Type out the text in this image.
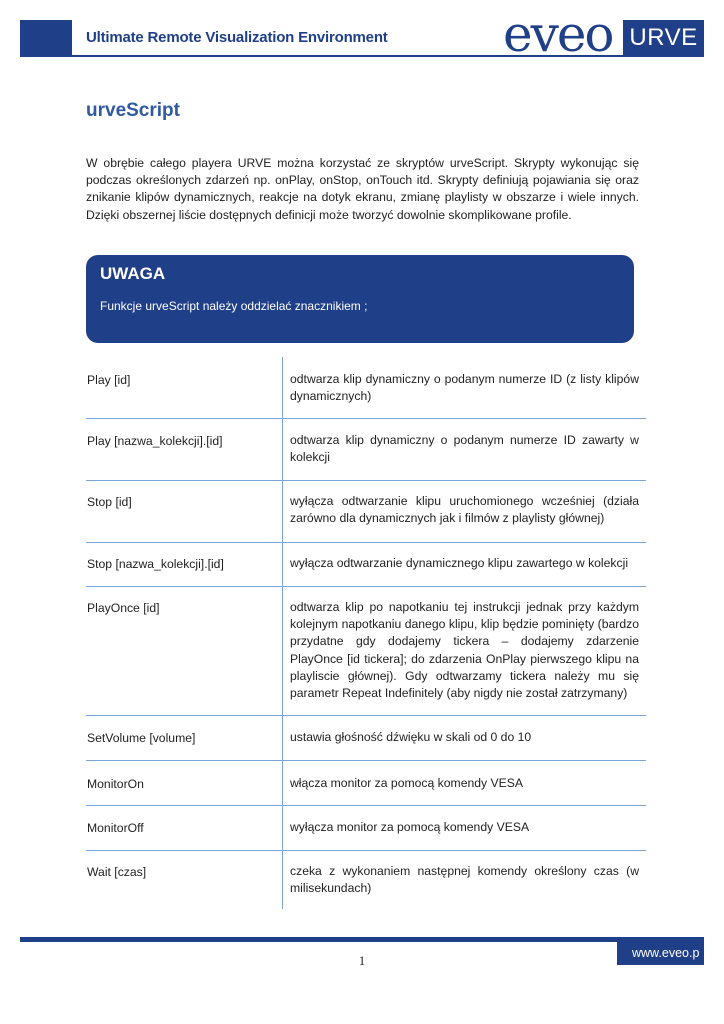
Ultimate Remote Visualization Environment eveo URVE
urveScript

W obrębie całego playera URVE można korzystać ze skryptów urveScript. Skrypty wykonując się podczas określonych zdarzeń np. onPlay, onStop, onTouch itd. Skrypty definiują pojawiania się oraz znikanie klipów dynamicznych, reakcje na dotyk ekranu, zmianę playlisty w obszarze i wiele innych. Dzięki obszernej liście dostępnych definicji może tworzyć dowolnie skomplikowane profile.

UWAGA
Funkcje urveScript należy oddzielać znacznikiem ;
Play [id]	odtwarza klip dynamiczny o podanym numerze ID (z listy klipów dynamicznych)
Play [nazwa_kolekcji].[id]	odtwarza klip dynamiczny o podanym numerze ID zawarty w kolekcji
Stop [id]	wyłącza odtwarzanie klipu uruchomionego wcześniej (działa zarówno dla dynamicznych jak i filmów z playlisty głównej)
Stop [nazwa_kolekcji].[id]	wyłącza odtwarzanie dynamicznego klipu zawartego w kolekcji
PlayOnce [id]	odtwarza klip po napotkaniu tej instrukcji jednak przy każdym kolejnym napotkaniu danego klipu, klip będzie pominięty (bardzo przydatne gdy dodajemy tickera – dodajemy zdarzenie PlayOnce [id tickera]; do zdarzenia OnPlay pierwszego klipu na playliscie głównej). Gdy odtwarzamy tickera należy mu się parametr Repeat Indefinitely (aby nigdy nie został zatrzymany)
SetVolume [volume]	ustawia głośność dźwięku w skali od 0 do 10
MonitorOn	włącza monitor za pomocą komendy VESA
MonitorOff	wyłącza monitor za pomocą komendy VESA
Wait [czas]	czeka z wykonaniem następnej komendy określony czas (w milisekundach)
www.eveo.p
1
